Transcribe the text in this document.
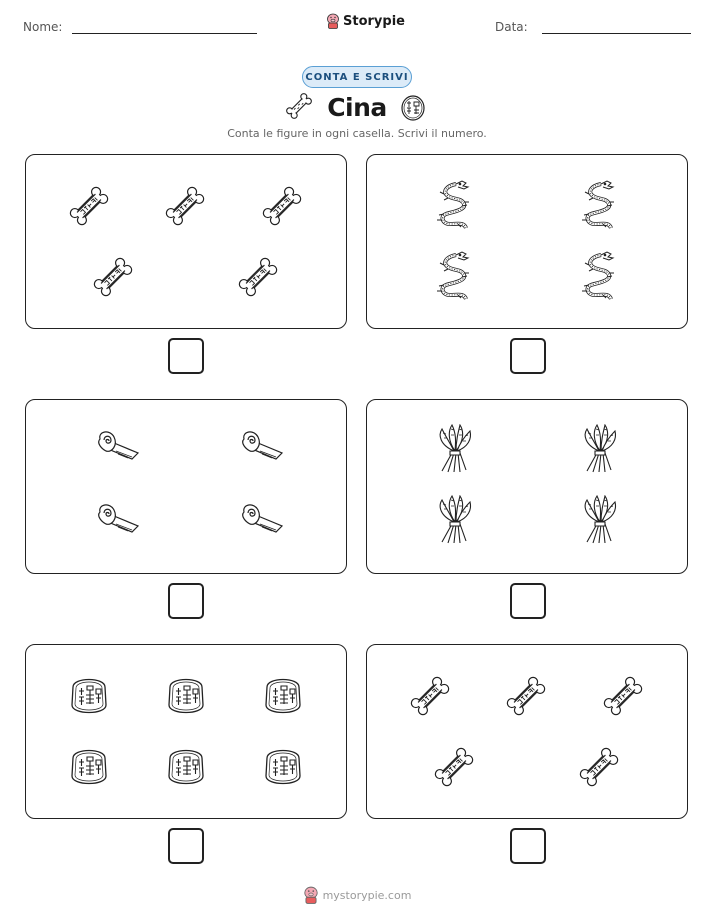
Nome:	Storypie	Data:
CONTA E SCRIVI
Cina
Conta le figure in ogni casella. Scrivi il numero.
mystorypie.com
